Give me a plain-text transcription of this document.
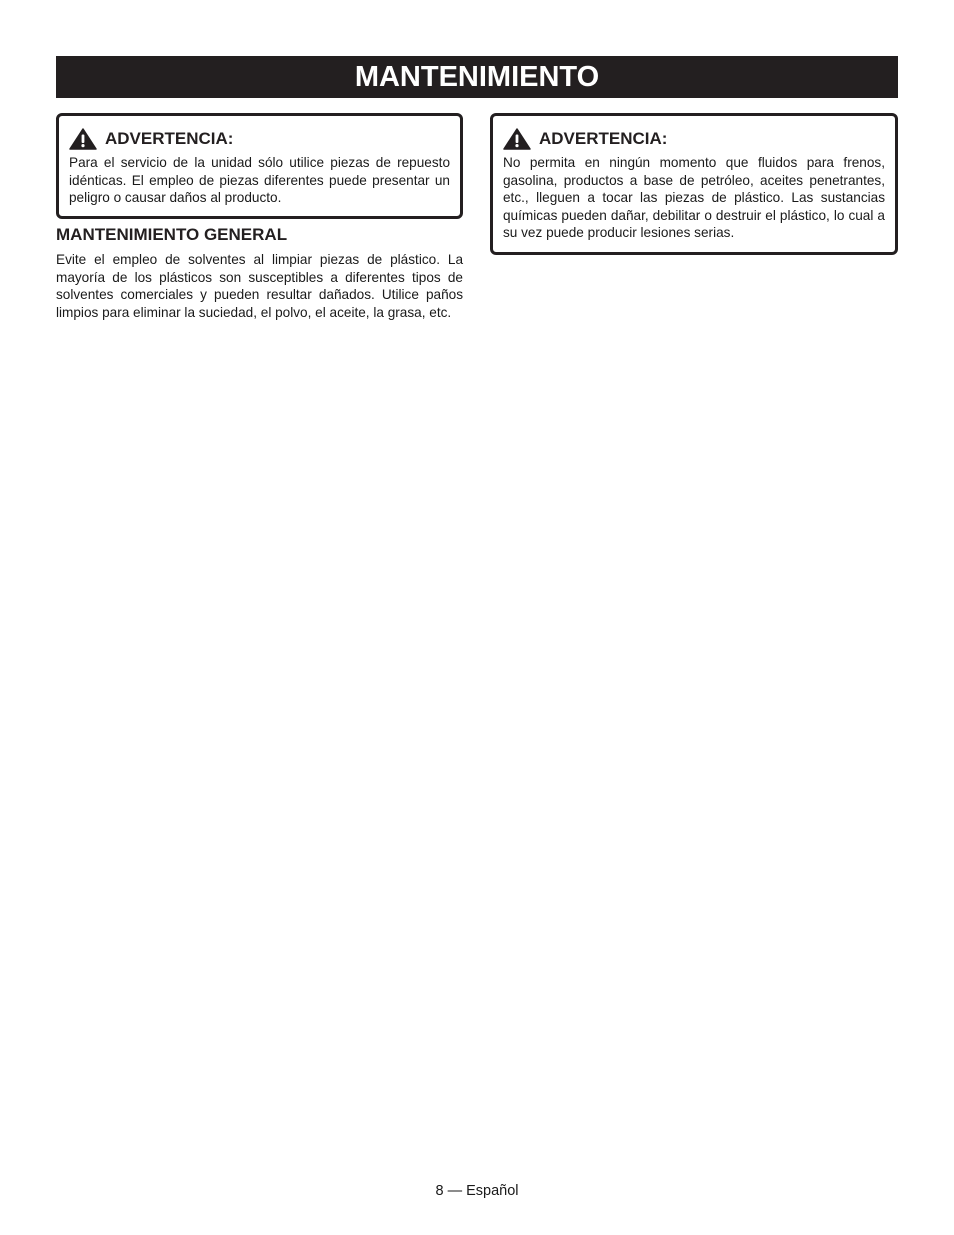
MANTENIMIENTO
ADVERTENCIA:

Para el servicio de la unidad sólo utilice piezas de repuesto idénticas. El empleo de piezas diferentes puede presentar un peligro o causar daños al producto.

MANTENIMIENTO GENERAL

Evite el empleo de solventes al limpiar piezas de plástico. La mayoría de los plásticos son susceptibles a diferentes tipos de solventes comerciales y pueden resultar dañados. Utilice paños limpios para eliminar la suciedad, el polvo, el aceite, la grasa, etc.

ADVERTENCIA:

No permita en ningún momento que fluidos para frenos, gasolina, productos a base de petróleo, aceites penetrantes, etc., lleguen a tocar las piezas de plástico. Las sustancias químicas pueden dañar, debilitar o destruir el plástico, lo cual a su vez puede producir lesiones serias.

8 — Español
